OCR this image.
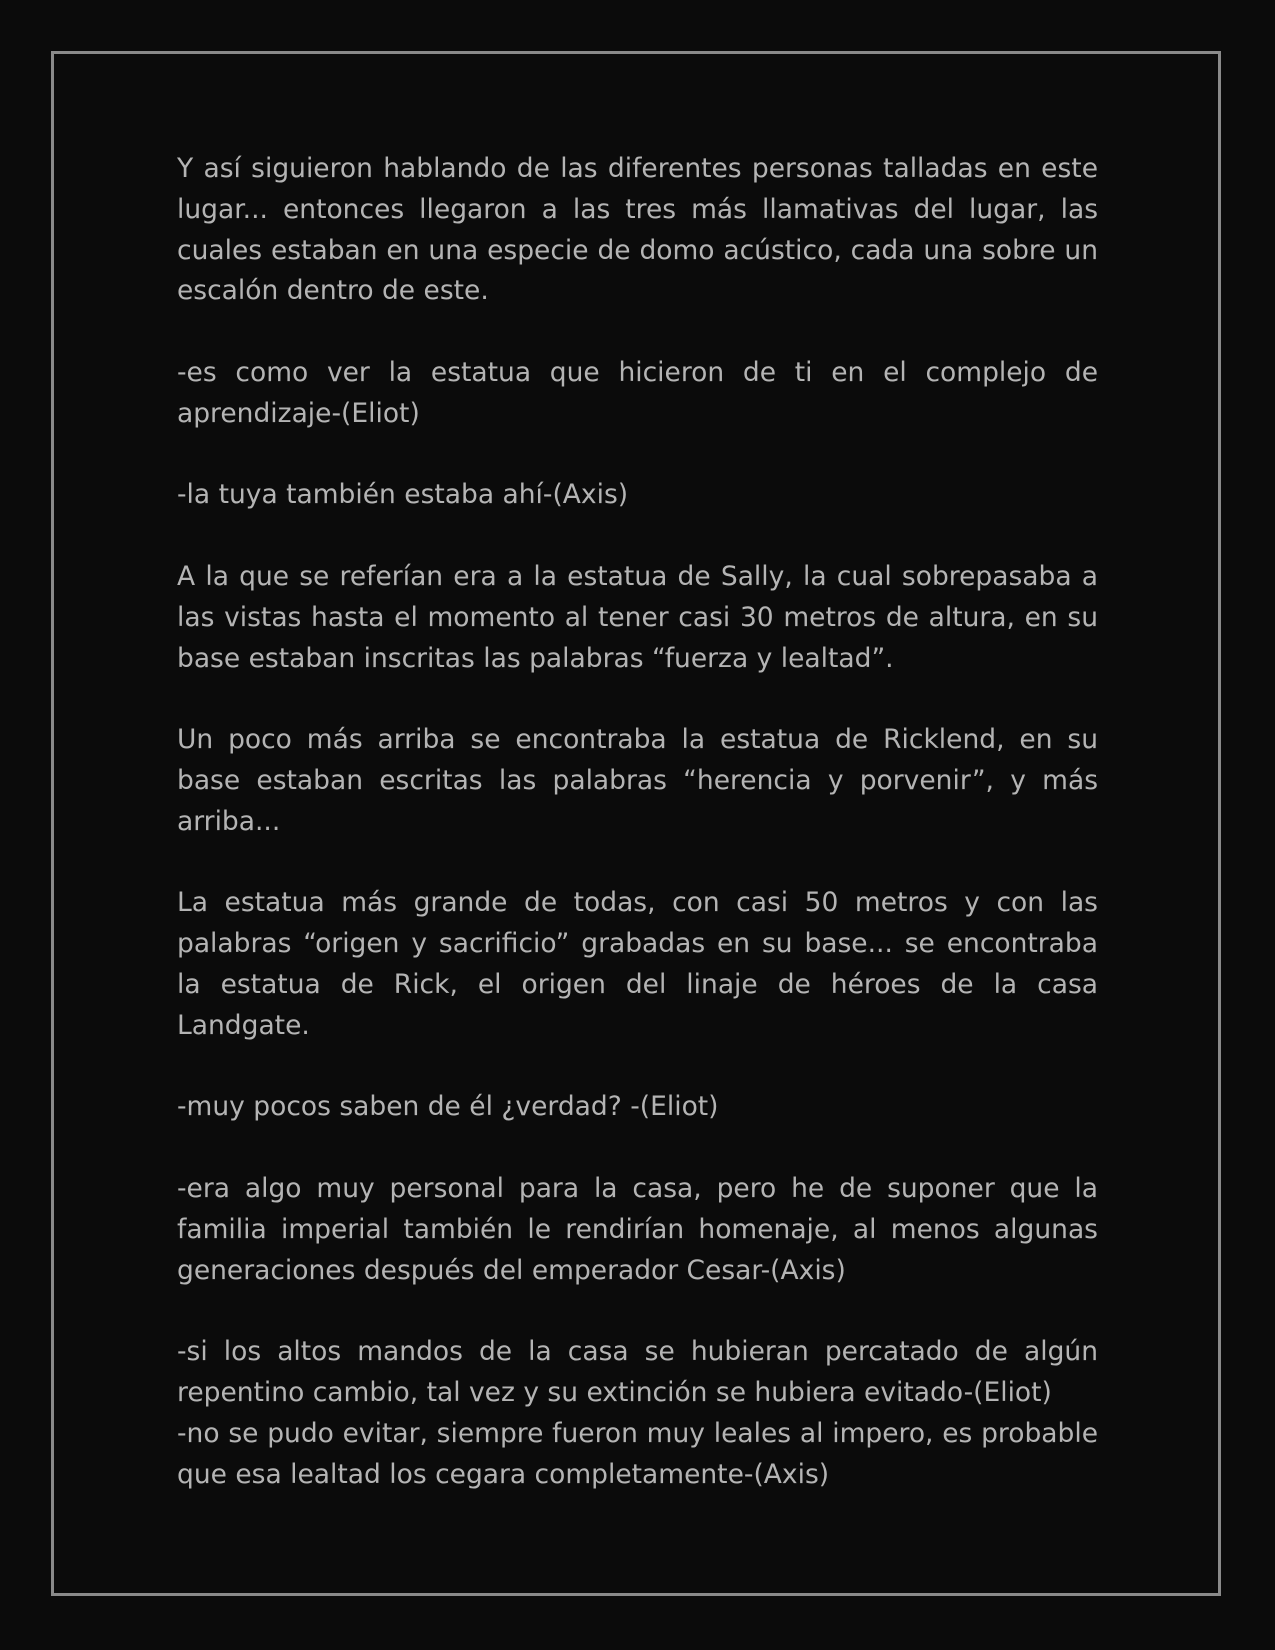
Y así siguieron hablando de las diferentes personas talladas en este lugar... entonces llegaron a las tres más llamativas del lugar, las cuales estaban en una especie de domo acústico, cada una sobre un escalón dentro de este.

-es como ver la estatua que hicieron de ti en el complejo de aprendizaje-(Eliot)

-la tuya también estaba ahí-(Axis)

A la que se referían era a la estatua de Sally, la cual sobrepasaba a las vistas hasta el momento al tener casi 30 metros de altura, en su base estaban inscritas las palabras “fuerza y lealtad”.

Un poco más arriba se encontraba la estatua de Ricklend, en su base estaban escritas las palabras “herencia y porvenir”, y más arriba...

La estatua más grande de todas, con casi 50 metros y con las palabras “origen y sacrificio” grabadas en su base... se encontraba la estatua de Rick, el origen del linaje de héroes de la casa Landgate.

-muy pocos saben de él ¿verdad? -(Eliot)

-era algo muy personal para la casa, pero he de suponer que la familia imperial también le rendirían homenaje, al menos algunas generaciones después del emperador Cesar-(Axis)

-si los altos mandos de la casa se hubieran percatado de algún repentino cambio, tal vez y su extinción se hubiera evitado-(Eliot)

-no se pudo evitar, siempre fueron muy leales al impero, es probable que esa lealtad los cegara completamente-(Axis)
